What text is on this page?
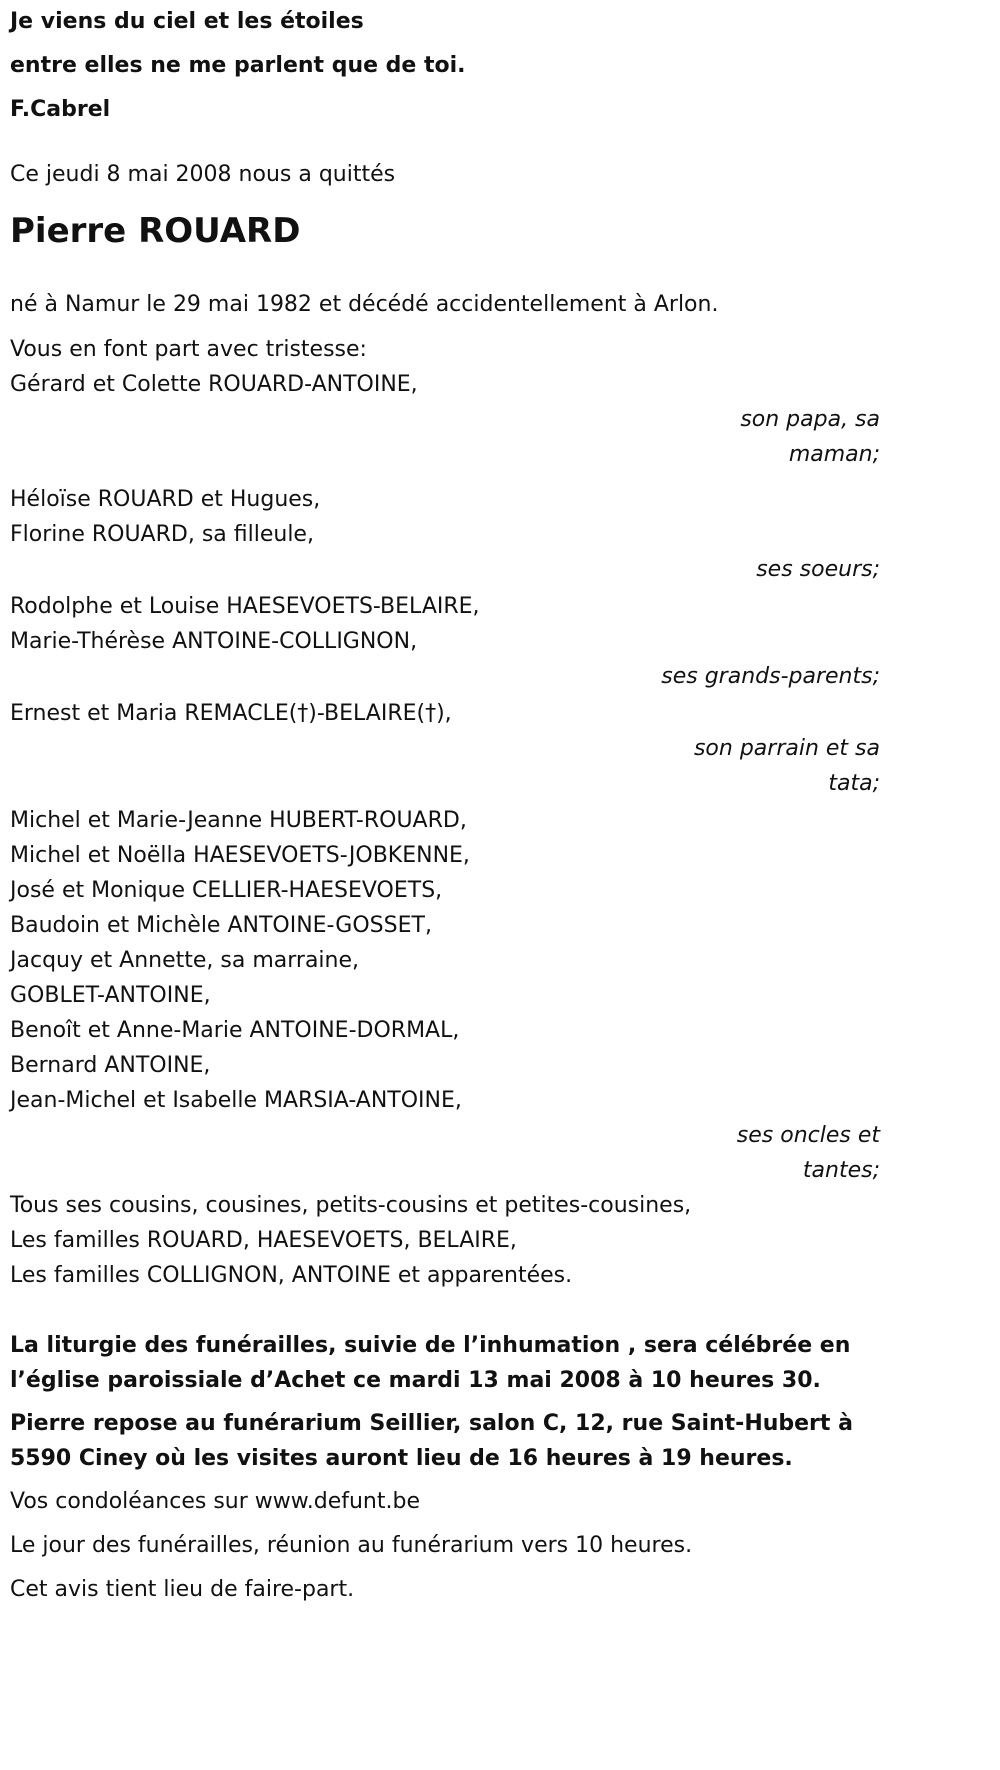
Je viens du ciel et les étoiles

entre elles ne me parlent que de toi.

F.Cabrel

Ce jeudi 8 mai 2008 nous a quittés

Pierre ROUARD

né à Namur le 29 mai 1982 et décédé accidentellement à Arlon.

Vous en font part avec tristesse:

Gérard et Colette ROUARD-ANTOINE,

son papa, sa maman;

Héloïse ROUARD et Hugues,

Florine ROUARD, sa filleule,

ses soeurs;

Rodolphe et Louise HAESEVOETS-BELAIRE,

Marie-Thérèse ANTOINE-COLLIGNON,

ses grands-parents;

Ernest et Maria REMACLE(†)-BELAIRE(†),

son parrain et sa tata;

Michel et Marie-Jeanne HUBERT-ROUARD,

Michel et Noëlla HAESEVOETS-JOBKENNE,

José et Monique CELLIER-HAESEVOETS,

Baudoin et Michèle ANTOINE-GOSSET,

Jacquy et Annette, sa marraine,

GOBLET-ANTOINE,

Benoît et Anne-Marie ANTOINE-DORMAL,

Bernard ANTOINE,

Jean-Michel et Isabelle MARSIA-ANTOINE,

ses oncles et tantes;

Tous ses cousins, cousines, petits-cousins et petites-cousines,

Les familles ROUARD, HAESEVOETS, BELAIRE,

Les familles COLLIGNON, ANTOINE et apparentées.

La liturgie des funérailles, suivie de l’inhumation , sera célébrée en l’église paroissiale d’Achet ce mardi 13 mai 2008 à 10 heures 30.

Pierre repose au funérarium Seillier, salon C, 12, rue Saint-Hubert à 5590 Ciney où les visites auront lieu de 16 heures à 19 heures.

Vos condoléances sur www.defunt.be

Le jour des funérailles, réunion au funérarium vers 10 heures.

Cet avis tient lieu de faire-part.
